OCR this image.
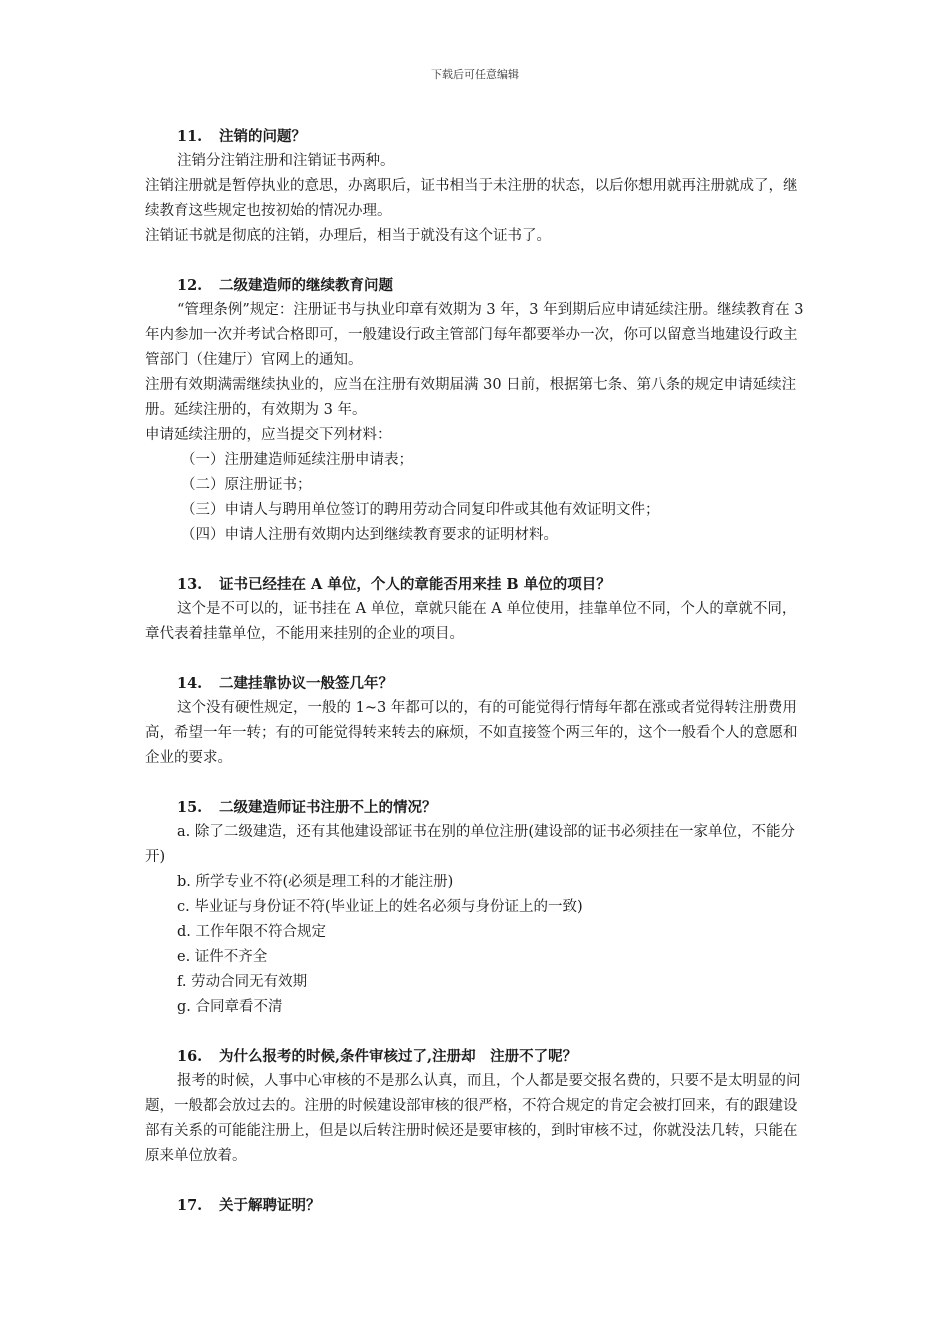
下载后可任意编辑
11. 注销的问题？

注销分注销注册和注销证书两种。

注销注册就是暂停执业的意思，办离职后，证书相当于未注册的状态，以后你想用就再注册就成了，继续教育这些规定也按初始的情况办理。

注销证书就是彻底的注销，办理后，相当于就没有这个证书了。

12. 二级建造师的继续教育问题

“管理条例”规定：注册证书与执业印章有效期为 3 年，3 年到期后应申请延续注册。继续教育在 3 年内参加一次并考试合格即可，一般建设行政主管部门每年都要举办一次，你可以留意当地建设行政主管部门（住建厅）官网上的通知。

注册有效期满需继续执业的，应当在注册有效期届满 30 日前，根据第七条、第八条的规定申请延续注册。延续注册的，有效期为 3 年。

申请延续注册的，应当提交下列材料：

（一）注册建造师延续注册申请表；

（二）原注册证书；

（三）申请人与聘用单位签订的聘用劳动合同复印件或其他有效证明文件；

（四）申请人注册有效期内达到继续教育要求的证明材料。

13. 证书已经挂在 A 单位，个人的章能否用来挂 B 单位的项目？

这个是不可以的，证书挂在 A 单位，章就只能在 A 单位使用，挂靠单位不同，个人的章就不同，章代表着挂靠单位，不能用来挂别的企业的项目。

14. 二建挂靠协议一般签几年？

这个没有硬性规定，一般的 1~3 年都可以的，有的可能觉得行情每年都在涨或者觉得转注册费用高，希望一年一转；有的可能觉得转来转去的麻烦，不如直接签个两三年的，这个一般看个人的意愿和企业的要求。

15. 二级建造师证书注册不上的情况？

a. 除了二级建造，还有其他建设部证书在别的单位注册(建设部的证书必须挂在一家单位，不能分开)

b. 所学专业不符(必须是理工科的才能注册)

c. 毕业证与身份证不符(毕业证上的姓名必须与身份证上的一致)

d. 工作年限不符合规定

e. 证件不齐全

f. 劳动合同无有效期

g. 合同章看不清

16. 为什么报考的时候,条件审核过了,注册却　注册不了呢？

报考的时候，人事中心审核的不是那么认真，而且，个人都是要交报名费的，只要不是太明显的问题，一般都会放过去的。注册的时候建设部审核的很严格，不符合规定的肯定会被打回来，有的跟建设部有关系的可能能注册上，但是以后转注册时候还是要审核的，到时审核不过，你就没法几转，只能在原来单位放着。

17. 关于解聘证明？
